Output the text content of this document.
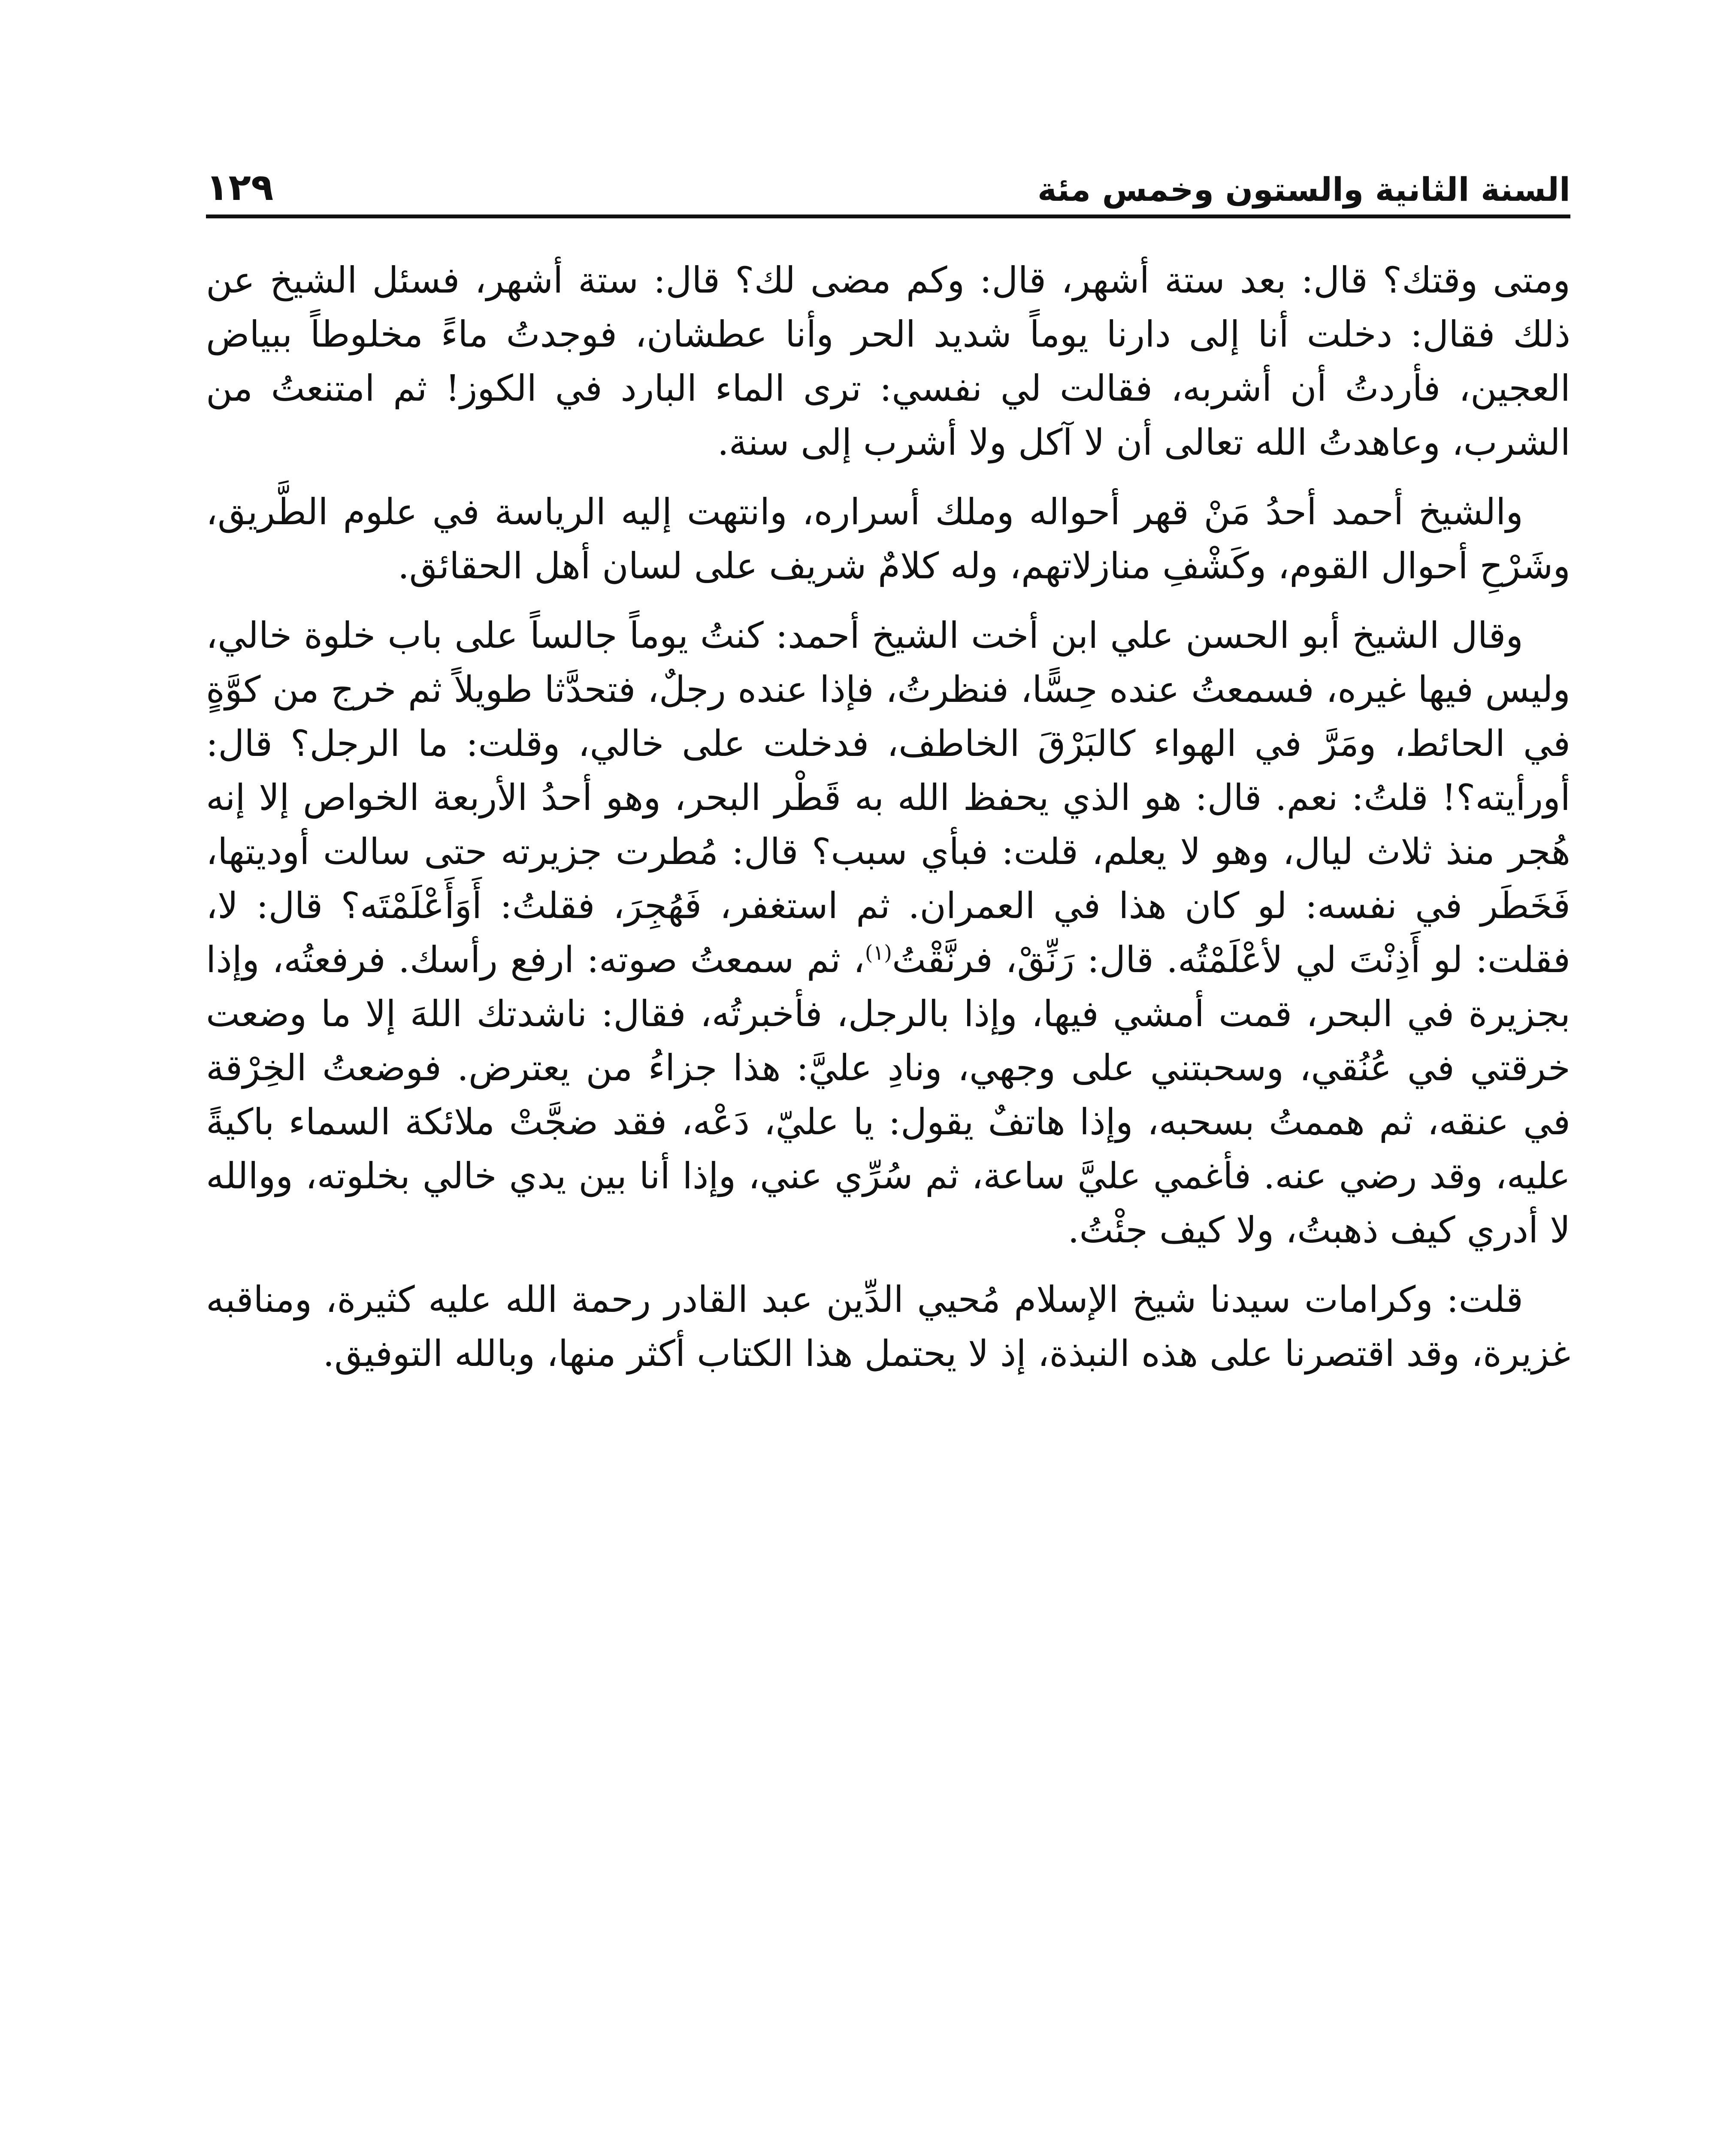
السنة الثانية والستون وخمس مئة
١٢٩

ومتى وقتك؟ قال: بعد ستة أشهر، قال: وكم مضى لك؟ قال: ستة أشهر، فسئل الشيخ عن ذلك فقال: دخلت أنا إلى دارنا يوماً شديد الحر وأنا عطشان، فوجدتُ ماءً مخلوطاً ببياض العجين، فأردتُ أن أشربه، فقالت لي نفسي: ترى الماء البارد في الكوز! ثم امتنعتُ من الشرب، وعاهدتُ الله تعالى أن لا آكل ولا أشرب إلى سنة.

والشيخ أحمد أحدُ مَنْ قهر أحواله وملك أسراره، وانتهت إليه الرياسة في علوم الطَّريق، وشَرْحِ أحوال القوم، وكَشْفِ منازلاتهم، وله كلامٌ شريف على لسان أهل الحقائق.

وقال الشيخ أبو الحسن علي ابن أخت الشيخ أحمد: كنتُ يوماً جالساً على باب خلوة خالي، وليس فيها غيره، فسمعتُ عنده حِسًّا، فنظرتُ، فإذا عنده رجلٌ، فتحدَّثا طويلاً ثم خرج من كوَّةٍ في الحائط، ومَرَّ في الهواء كالبَرْقَ الخاطف، فدخلت على خالي، وقلت: ما الرجل؟ قال: أورأيته؟! قلتُ: نعم. قال: هو الذي يحفظ الله به قَطْر البحر، وهو أحدُ الأربعة الخواص إلا إنه هُجر منذ ثلاث ليال، وهو لا يعلم، قلت: فبأي سبب؟ قال: مُطرت جزيرته حتى سالت أوديتها، فَخَطَر في نفسه: لو كان هذا في العمران. ثم استغفر، فَهُجِرَ، فقلتُ: أَوَأَعْلَمْتَه؟ قال: لا، فقلت: لو أَذِنْتَ لي لأعْلَمْتُه. قال: رَنِّقْ، فرنَّقْتُ$^{(١)}$، ثم سمعتُ صوته: ارفع رأسك. فرفعتُه، وإذا بجزيرة في البحر، قمت أمشي فيها، وإذا بالرجل، فأخبرتُه، فقال: ناشدتك اللهَ إلا ما وضعت خرقتي في عُنُقي، وسحبتني على وجهي، ونادِ عليَّ: هذا جزاءُ من يعترض. فوضعتُ الخِرْقة في عنقه، ثم هممتُ بسحبه، وإذا هاتفٌ يقول: يا عليّ، دَعْه، فقد ضجَّتْ ملائكة السماء باكيةً عليه، وقد رضي عنه. فأغمي عليَّ ساعة، ثم سُرِّي عني، وإذا أنا بين يدي خالي بخلوته، ووالله لا أدري كيف ذهبتُ، ولا كيف جئْتُ.

قلت: وكرامات سيدنا شيخ الإسلام مُحيي الدِّين عبد القادر رحمة الله عليه كثيرة، ومناقبه غزيرة، وقد اقتصرنا على هذه النبذة، إذ لا يحتمل هذا الكتاب أكثر منها، وبالله التوفيق.
